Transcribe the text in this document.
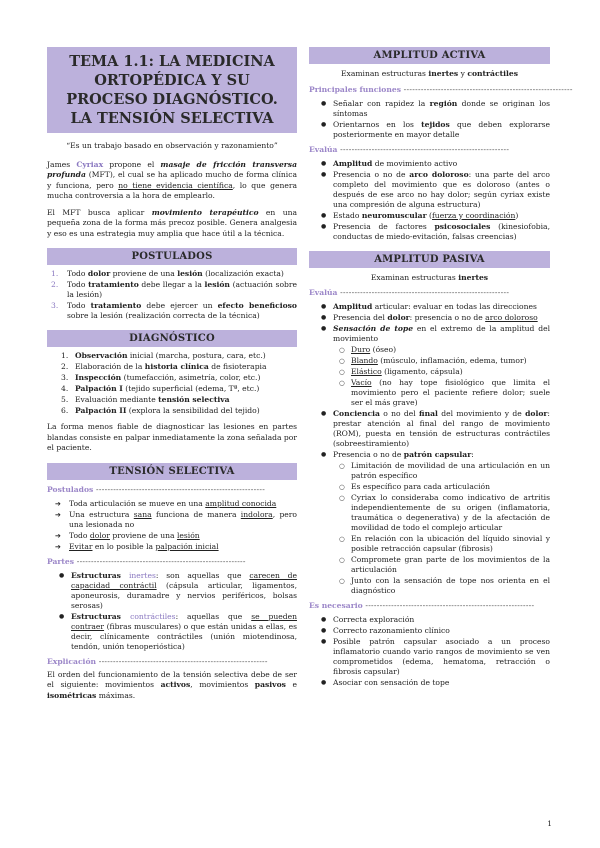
TEMA 1.1: LA MEDICINA ORTOPÉDICA Y SU PROCESO DIAGNÓSTICO. LA TENSIÓN SELECTIVA

“Es un trabajo basado en observación y razonamiento”

James Cyriax propone el masaje de fricción transversa profunda (MFT), el cual se ha aplicado mucho de forma clínica y funciona, pero no tiene evidencia científica, lo que genera mucha controversia a la hora de emplearlo.

El MFT busca aplicar movimiento terapéutico en una pequeña zona de la forma más precoz posible. Genera analgesia y eso es una estrategia muy amplia que hace útil a la técnica.

POSTULADOS
1. Todo dolor proviene de una lesión (localización exacta)
2. Todo tratamiento debe llegar a la lesión (actuación sobre la lesión)
3. Todo tratamiento debe ejercer un efecto beneficioso sobre la lesión (realización correcta de la técnica)
DIAGNÓSTICO
1. Observación inicial (marcha, postura, cara, etc.)
2. Elaboración de la historia clínica de fisioterapia
3. Inspección (tumefacción, asimetría, color, etc.)
4. Palpación I (tejido superficial (edema, Tª, etc.)
5. Evaluación mediante tensión selectiva
6. Palpación II (explora la sensibilidad del tejido)

La forma menos fiable de diagnosticar las lesiones en partes blandas consiste en palpar inmediatamente la zona señalada por el paciente.

TENSIÓN SELECTIVA
Postulados -----------------------------------------------------------
➔ Toda articulación se mueve en una amplitud conocida
➔ Una estructura sana funciona de manera indolora, pero una lesionada no
➔ Todo dolor proviene de una lesión
➔ Evitar en lo posible la palpación inicial
Partes -----------------------------------------------------------
● Estructuras inertes: son aquellas que carecen de capacidad contráctil (cápsula articular, ligamentos, aponeurosis, duramadre y nervios periféricos, bolsas serosas)
● Estructuras contráctiles: aquellas que se pueden contraer (fibras musculares) o que están unidas a ellas, es decir, clínicamente contráctiles (unión miotendinosa, tendón, unión tenoperióstica)
Explicación -----------------------------------------------------------

El orden del funcionamiento de la tensión selectiva debe de ser el siguiente: movimientos activos, movimientos pasivos e isométricas máximas.

AMPLITUD ACTIVA

Examinan estructuras inertes y contráctiles

Principales funciones -----------------------------------------------------------
● Señalar con rapidez la región donde se originan los síntomas
● Orientarnos en los tejidos que deben explorarse posteriormente en mayor detalle
Evalúa -----------------------------------------------------------
● Amplitud de movimiento activo
● Presencia o no de arco doloroso: una parte del arco completo del movimiento que es doloroso (antes o después de ese arco no hay dolor; según cyriax existe una compresión de alguna estructura)
● Estado neuromuscular (fuerza y coordinación)
● Presencia de factores psicosociales (kinesiofobia, conductas de miedo-evitación, falsas creencias)
AMPLITUD PASIVA

Examinan estructuras inertes

Evalúa -----------------------------------------------------------
● Amplitud articular: evaluar en todas las direcciones
● Presencia del dolor: presencia o no de arco doloroso
● Sensación de tope en el extremo de la amplitud del movimiento
○ Duro (óseo)
○ Blando (músculo, inflamación, edema, tumor)
○ Elástico (ligamento, cápsula)
○ Vacío (no hay tope fisiológico que limita el movimiento pero el paciente refiere dolor; suele ser el más grave)
● Conciencia o no del final del movimiento y de dolor: prestar atención al final del rango de movimiento (ROM), puesta en tensión de estructuras contráctiles (sobreestiramiento)
● Presencia o no de patrón capsular:
○ Limitación de movilidad de una articulación en un patrón específico
○ Es específico para cada articulación
○ Cyriax lo consideraba como indicativo de artritis independientemente de su origen (inflamatoria, traumática o degenerativa) y de la afectación de movilidad de todo el complejo articular
○ En relación con la ubicación del líquido sinovial y posible retracción capsular (fibrosis)
○ Compromete gran parte de los movimientos de la articulación
○ Junto con la sensación de tope nos orienta en el diagnóstico
Es necesario -----------------------------------------------------------
● Correcta exploración
● Correcto razonamiento clínico
● Posible patrón capsular asociado a un proceso inflamatorio cuando vario rangos de movimiento se ven comprometidos (edema, hematoma, retracción o fibrosis capsular)
● Asociar con sensación de tope
1
